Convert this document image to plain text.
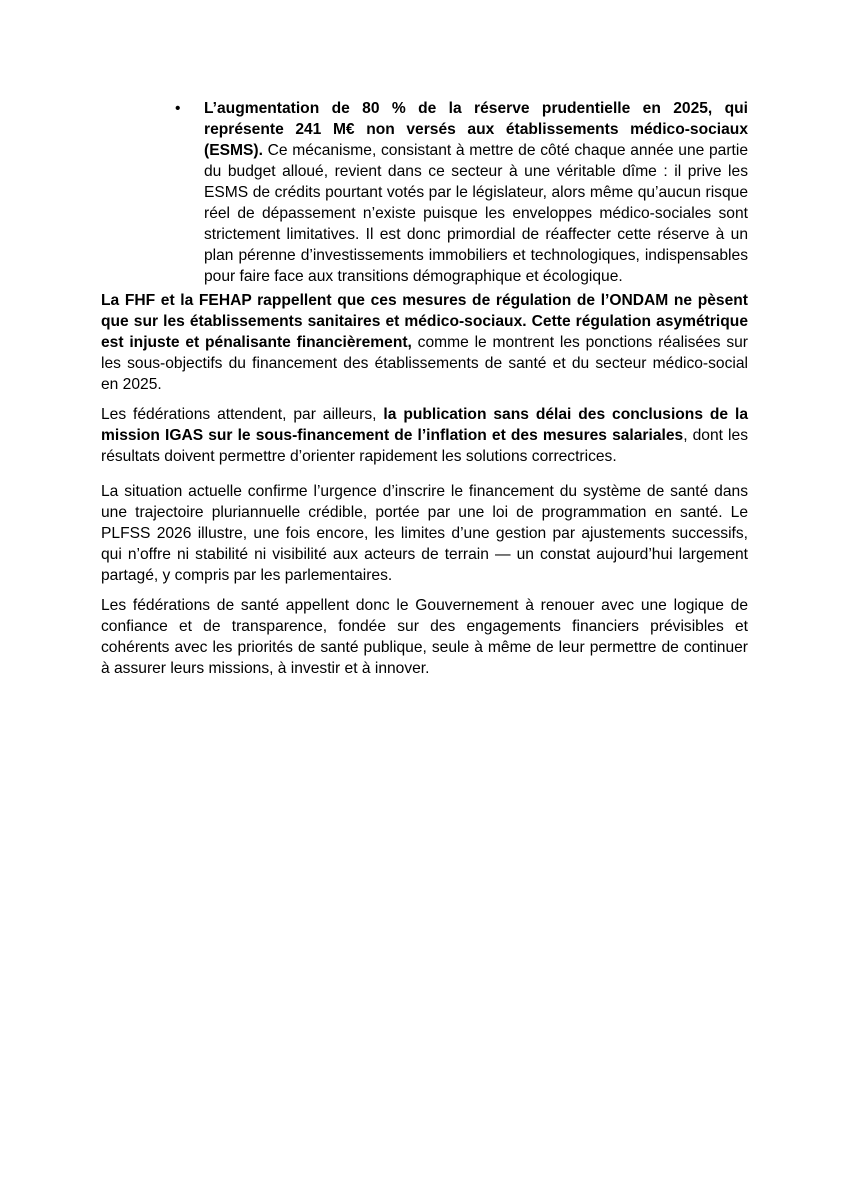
•	L’augmentation de 80 % de la réserve prudentielle en 2025, qui représente 241 M€ non versés aux établissements médico-sociaux (ESMS). Ce mécanisme, consistant à mettre de côté chaque année une partie du budget alloué, revient dans ce secteur à une véritable dîme : il prive les ESMS de crédits pourtant votés par le législateur, alors même qu’aucun risque réel de dépassement n’existe puisque les enveloppes médico-sociales sont strictement limitatives. Il est donc primordial de réaffecter cette réserve à un plan pérenne d’investissements immobiliers et technologiques, indispensables pour faire face aux transitions démographique et écologique.

La FHF et la FEHAP rappellent que ces mesures de régulation de l’ONDAM ne pèsent que sur les établissements sanitaires et médico-sociaux. Cette régulation asymétrique est injuste et pénalisante financièrement, comme le montrent les ponctions réalisées sur les sous-objectifs du financement des établissements de santé et du secteur médico-social en 2025.

Les fédérations attendent, par ailleurs, la publication sans délai des conclusions de la mission IGAS sur le sous-financement de l’inflation et des mesures salariales, dont les résultats doivent permettre d’orienter rapidement les solutions correctrices.

La situation actuelle confirme l’urgence d’inscrire le financement du système de santé dans une trajectoire pluriannuelle crédible, portée par une loi de programmation en santé. Le PLFSS 2026 illustre, une fois encore, les limites d’une gestion par ajustements successifs, qui n’offre ni stabilité ni visibilité aux acteurs de terrain — un constat aujourd’hui largement partagé, y compris par les parlementaires.

Les fédérations de santé appellent donc le Gouvernement à renouer avec une logique de confiance et de transparence, fondée sur des engagements financiers prévisibles et cohérents avec les priorités de santé publique, seule à même de leur permettre de continuer à assurer leurs missions, à investir et à innover.
